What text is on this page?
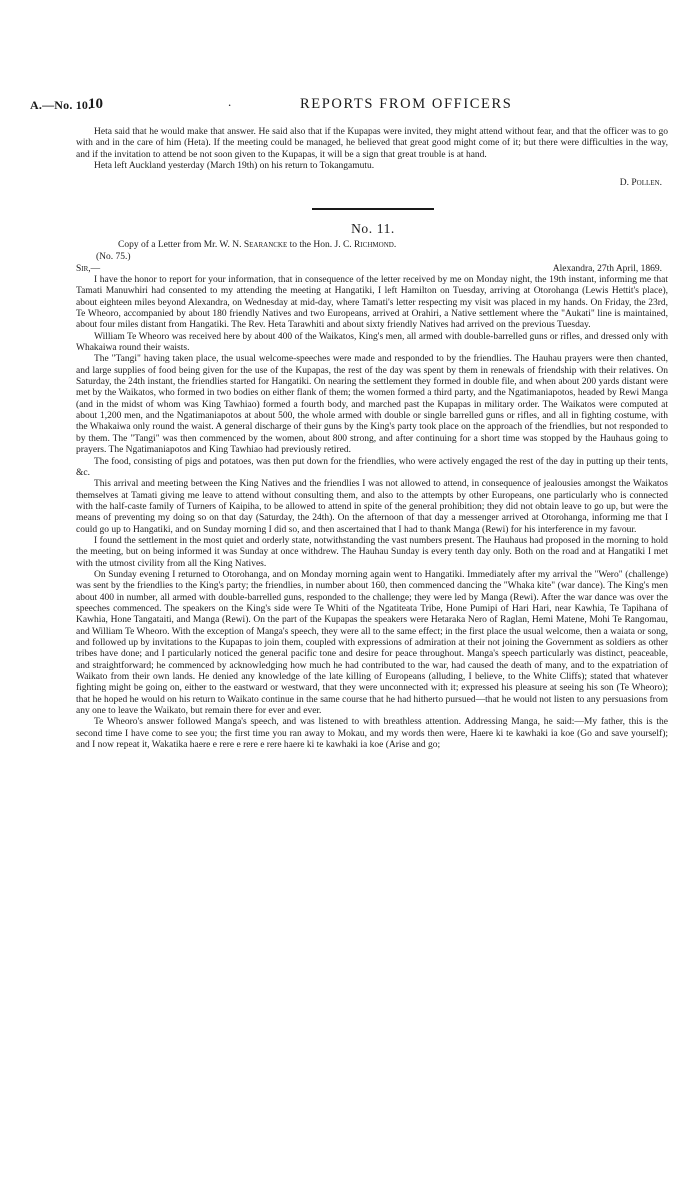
A.—No. 10.
10	.	REPORTS FROM OFFICERS

Heta said that he would make that answer. He said also that if the Kupapas were invited, they might attend without fear, and that the officer was to go with and in the care of him (Heta). If the meeting could be managed, he believed that great good might come of it; but there were difficulties in the way, and if the invitation to attend be not soon given to the Kupapas, it will be a sign that great trouble is at hand.

Heta left Auckland yesterday (March 19th) on his return to Tokangamutu.

D. Pollen.
No. 11.
Copy of a Letter from Mr. W. N. Searancke to the Hon. J. C. Richmond.
(No. 75.)
Sir,—	Alexandra, 27th April, 1869.

I have the honor to report for your information, that in consequence of the letter received by me on Monday night, the 19th instant, informing me that Tamati Manuwhiri had consented to my attending the meeting at Hangatiki, I left Hamilton on Tuesday, arriving at Otorohanga (Lewis Hettit's place), about eighteen miles beyond Alexandra, on Wednesday at mid-day, where Tamati's letter respecting my visit was placed in my hands. On Friday, the 23rd, Te Wheoro, accompanied by about 180 friendly Natives and two Europeans, arrived at Orahiri, a Native settlement where the "Aukati" line is maintained, about four miles distant from Hangatiki. The Rev. Heta Tarawhiti and about sixty friendly Natives had arrived on the previous Tuesday.

William Te Wheoro was received here by about 400 of the Waikatos, King's men, all armed with double-barrelled guns or rifles, and dressed only with Whakaiwa round their waists.

The "Tangi" having taken place, the usual welcome-speeches were made and responded to by the friendlies. The Hauhau prayers were then chanted, and large supplies of food being given for the use of the Kupapas, the rest of the day was spent by them in renewals of friendship with their relatives. On Saturday, the 24th instant, the friendlies started for Hangatiki. On nearing the settlement they formed in double file, and when about 200 yards distant were met by the Waikatos, who formed in two bodies on either flank of them; the women formed a third party, and the Ngatimaniapotos, headed by Rewi Manga (and in the midst of whom was King Tawhiao) formed a fourth body, and marched past the Kupapas in military order. The Waikatos were computed at about 1,200 men, and the Ngatimaniapotos at about 500, the whole armed with double or single barrelled guns or rifles, and all in fighting costume, with the Whakaiwa only round the waist. A general discharge of their guns by the King's party took place on the approach of the friendlies, but not responded to by them. The "Tangi" was then commenced by the women, about 800 strong, and after continuing for a short time was stopped by the Hauhaus going to prayers. The Ngatimaniapotos and King Tawhiao had previously retired.

The food, consisting of pigs and potatoes, was then put down for the friendlies, who were actively engaged the rest of the day in putting up their tents, &c.

This arrival and meeting between the King Natives and the friendlies I was not allowed to attend, in consequence of jealousies amongst the Waikatos themselves at Tamati giving me leave to attend without consulting them, and also to the attempts by other Europeans, one particularly who is connected with the half-caste family of Turners of Kaipiha, to be allowed to attend in spite of the general prohibition; they did not obtain leave to go up, but were the means of preventing my doing so on that day (Saturday, the 24th). On the afternoon of that day a messenger arrived at Otorohanga, informing me that I could go up to Hangatiki, and on Sunday morning I did so, and then ascertained that I had to thank Manga (Rewi) for his interference in my favour.

I found the settlement in the most quiet and orderly state, notwithstanding the vast numbers present. The Hauhaus had proposed in the morning to hold the meeting, but on being informed it was Sunday at once withdrew. The Hauhau Sunday is every tenth day only. Both on the road and at Hangatiki I met with the utmost civility from all the King Natives.

On Sunday evening I returned to Otorohanga, and on Monday morning again went to Hangatiki. Immediately after my arrival the "Wero" (challenge) was sent by the friendlies to the King's party; the friendlies, in number about 160, then commenced dancing the "Whaka kite" (war dance). The King's men about 400 in number, all armed with double-barrelled guns, responded to the challenge; they were led by Manga (Rewi). After the war dance was over the speeches commenced. The speakers on the King's side were Te Whiti of the Ngatiteata Tribe, Hone Pumipi of Hari Hari, near Kawhia, Te Tapihana of Kawhia, Hone Tangataiti, and Manga (Rewi). On the part of the Kupapas the speakers were Hetaraka Nero of Raglan, Hemi Matene, Mohi Te Rangomau, and William Te Wheoro. With the exception of Manga's speech, they were all to the same effect; in the first place the usual welcome, then a waiata or song, and followed up by invitations to the Kupapas to join them, coupled with expressions of admiration at their not joining the Government as soldiers as other tribes have done; and I particularly noticed the general pacific tone and desire for peace throughout. Manga's speech particularly was distinct, peaceable, and straightforward; he commenced by acknowledging how much he had contributed to the war, had caused the death of many, and to the expatriation of Waikato from their own lands. He denied any knowledge of the late killing of Europeans (alluding, I believe, to the White Cliffs); stated that whatever fighting might be going on, either to the eastward or westward, that they were unconnected with it; expressed his pleasure at seeing his son (Te Wheoro); that he hoped he would on his return to Waikato continue in the same course that he had hitherto pursued—that he would not listen to any persuasions from any one to leave the Waikato, but remain there for ever and ever.

Te Wheoro's answer followed Manga's speech, and was listened to with breathless attention. Addressing Manga, he said:—My father, this is the second time I have come to see you; the first time you ran away to Mokau, and my words then were, Haere ki te kawhaki ia koe (Go and save yourself); and I now repeat it, Wakatika haere e rere e rere e rere haere ki te kawhaki ia koe (Arise and go;
